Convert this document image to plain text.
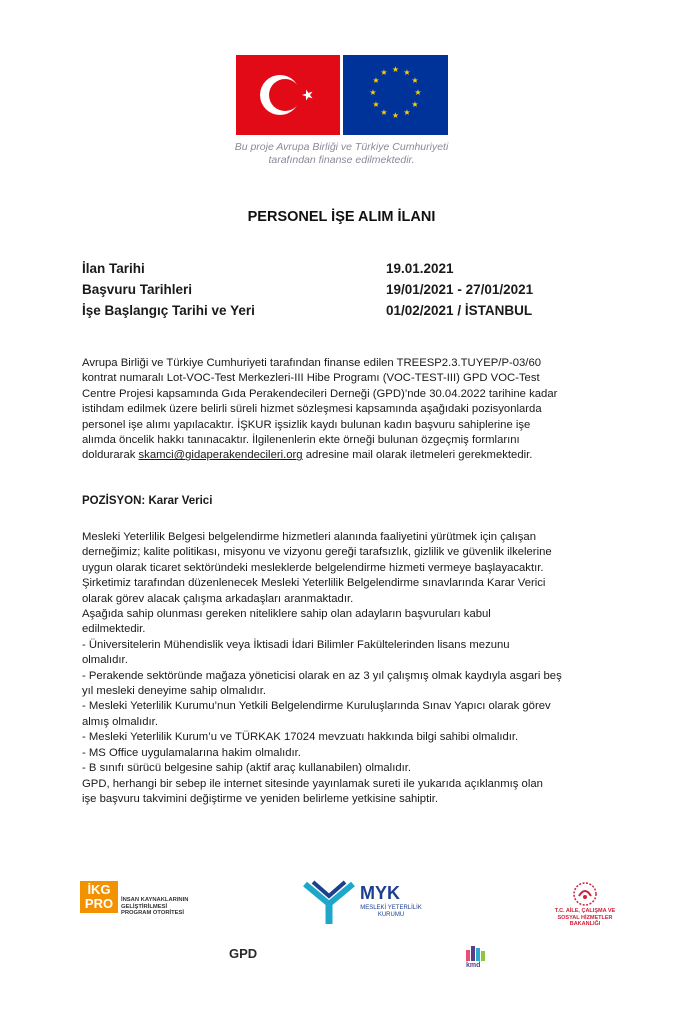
★ ★
★
★
★
★
★
★
★
★
★
★
Bu proje Avrupa Birliği ve Türkiye Cumhuriyeti
tarafından finanse edilmektedir.
PERSONEL İŞE ALIM İLANI
İlan Tarihi	19.01.2021
Başvuru Tarihleri	19/01/2021 - 27/01/2021
İşe Başlangıç Tarihi ve Yeri	01/02/2021 / İSTANBUL
Avrupa Birliği ve Türkiye Cumhuriyeti tarafından finanse edilen TREESP2.3.TUYEP/P-03/60
kontrat numaralı Lot-VOC-Test Merkezleri-III Hibe Programı (VOC-TEST-III) GPD VOC-Test
Centre Projesi kapsamında Gıda Perakendecileri Derneği (GPD)’nde 30.04.2022 tarihine kadar
istihdam edilmek üzere belirli süreli hizmet sözleşmesi kapsamında aşağıdaki pozisyonlarda
personel işe alımı yapılacaktır. İŞKUR işsizlik kaydı bulunan kadın başvuru sahiplerine işe
alımda öncelik hakkı tanınacaktır. İlgilenenlerin ekte örneği bulunan özgeçmiş formlarını
doldurarak skamci@gidaperakendecileri.org adresine mail olarak iletmeleri gerekmektedir.
POZİSYON: Karar Verici
Mesleki Yeterlilik Belgesi belgelendirme hizmetleri alanında faaliyetini yürütmek için çalışan
derneğimiz; kalite politikası, misyonu ve vizyonu gereği tarafsızlık, gizlilik ve güvenlik ilkelerine
uygun olarak ticaret sektöründeki mesleklerde belgelendirme hizmeti vermeye başlayacaktır.
Şirketimiz tarafından düzenlenecek Mesleki Yeterlilik Belgelendirme sınavlarında Karar Verici
olarak görev alacak çalışma arkadaşları aranmaktadır.
Aşağıda sahip olunması gereken niteliklere sahip olan adayların başvuruları kabul
edilmektedir.
- Üniversitelerin Mühendislik veya İktisadi İdari Bilimler Fakültelerinden lisans mezunu
olmalıdır.
- Perakende sektöründe mağaza yöneticisi olarak en az 3 yıl çalışmış olmak kaydıyla asgari beş
yıl mesleki deneyime sahip olmalıdır.
- Mesleki Yeterlilik Kurumu’nun Yetkili Belgelendirme Kuruluşlarında Sınav Yapıcı olarak görev
almış olmalıdır.
- Mesleki Yeterlilik Kurum’u ve TÜRKAK 17024 mevzuatı hakkında bilgi sahibi olmalıdır.
- MS Office uygulamalarına hakim olmalıdır.
- B sınıfı sürücü belgesine sahip (aktif araç kullanabilen) olmalıdır.
GPD, herhangi bir sebep ile internet sitesinde yayınlamak sureti ile yukarıda açıklanmış olan
işe başvuru takvimini değiştirme ve yeniden belirleme yetkisine sahiptir.
İKG PRO	İNSAN KAYNAKLARININ
GELİŞTİRİLMESİ
PROGRAM OTORİTESİ
MYK
MESLEKİ YETERLİLİK
KURUMU
T.C. AİLE, ÇALIŞMA VE
SOSYAL HİZMETLER BAKANLIĞI
GPD
kmd
